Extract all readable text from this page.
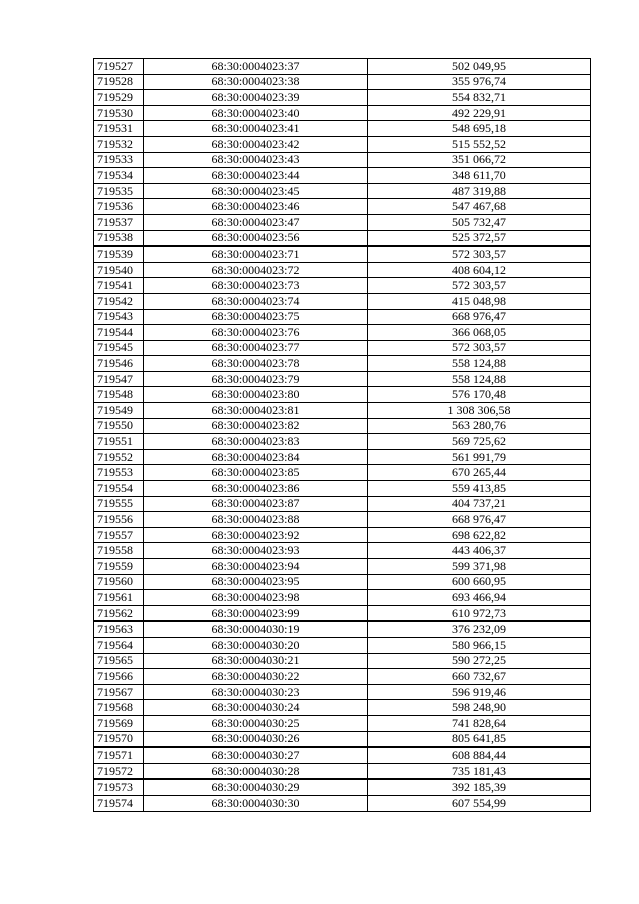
719527	68:30:0004023:37	502 049,95
719528	68:30:0004023:38	355 976,74
719529	68:30:0004023:39	554 832,71
719530	68:30:0004023:40	492 229,91
719531	68:30:0004023:41	548 695,18
719532	68:30:0004023:42	515 552,52
719533	68:30:0004023:43	351 066,72
719534	68:30:0004023:44	348 611,70
719535	68:30:0004023:45	487 319,88
719536	68:30:0004023:46	547 467,68
719537	68:30:0004023:47	505 732,47
719538	68:30:0004023:56	525 372,57
719539	68:30:0004023:71	572 303,57
719540	68:30:0004023:72	408 604,12
719541	68:30:0004023:73	572 303,57
719542	68:30:0004023:74	415 048,98
719543	68:30:0004023:75	668 976,47
719544	68:30:0004023:76	366 068,05
719545	68:30:0004023:77	572 303,57
719546	68:30:0004023:78	558 124,88
719547	68:30:0004023:79	558 124,88
719548	68:30:0004023:80	576 170,48
719549	68:30:0004023:81	1 308 306,58
719550	68:30:0004023:82	563 280,76
719551	68:30:0004023:83	569 725,62
719552	68:30:0004023:84	561 991,79
719553	68:30:0004023:85	670 265,44
719554	68:30:0004023:86	559 413,85
719555	68:30:0004023:87	404 737,21
719556	68:30:0004023:88	668 976,47
719557	68:30:0004023:92	698 622,82
719558	68:30:0004023:93	443 406,37
719559	68:30:0004023:94	599 371,98
719560	68:30:0004023:95	600 660,95
719561	68:30:0004023:98	693 466,94
719562	68:30:0004023:99	610 972,73
719563	68:30:0004030:19	376 232,09
719564	68:30:0004030:20	580 966,15
719565	68:30:0004030:21	590 272,25
719566	68:30:0004030:22	660 732,67
719567	68:30:0004030:23	596 919,46
719568	68:30:0004030:24	598 248,90
719569	68:30:0004030:25	741 828,64
719570	68:30:0004030:26	805 641,85
719571	68:30:0004030:27	608 884,44
719572	68:30:0004030:28	735 181,43
719573	68:30:0004030:29	392 185,39
719574	68:30:0004030:30	607 554,99
